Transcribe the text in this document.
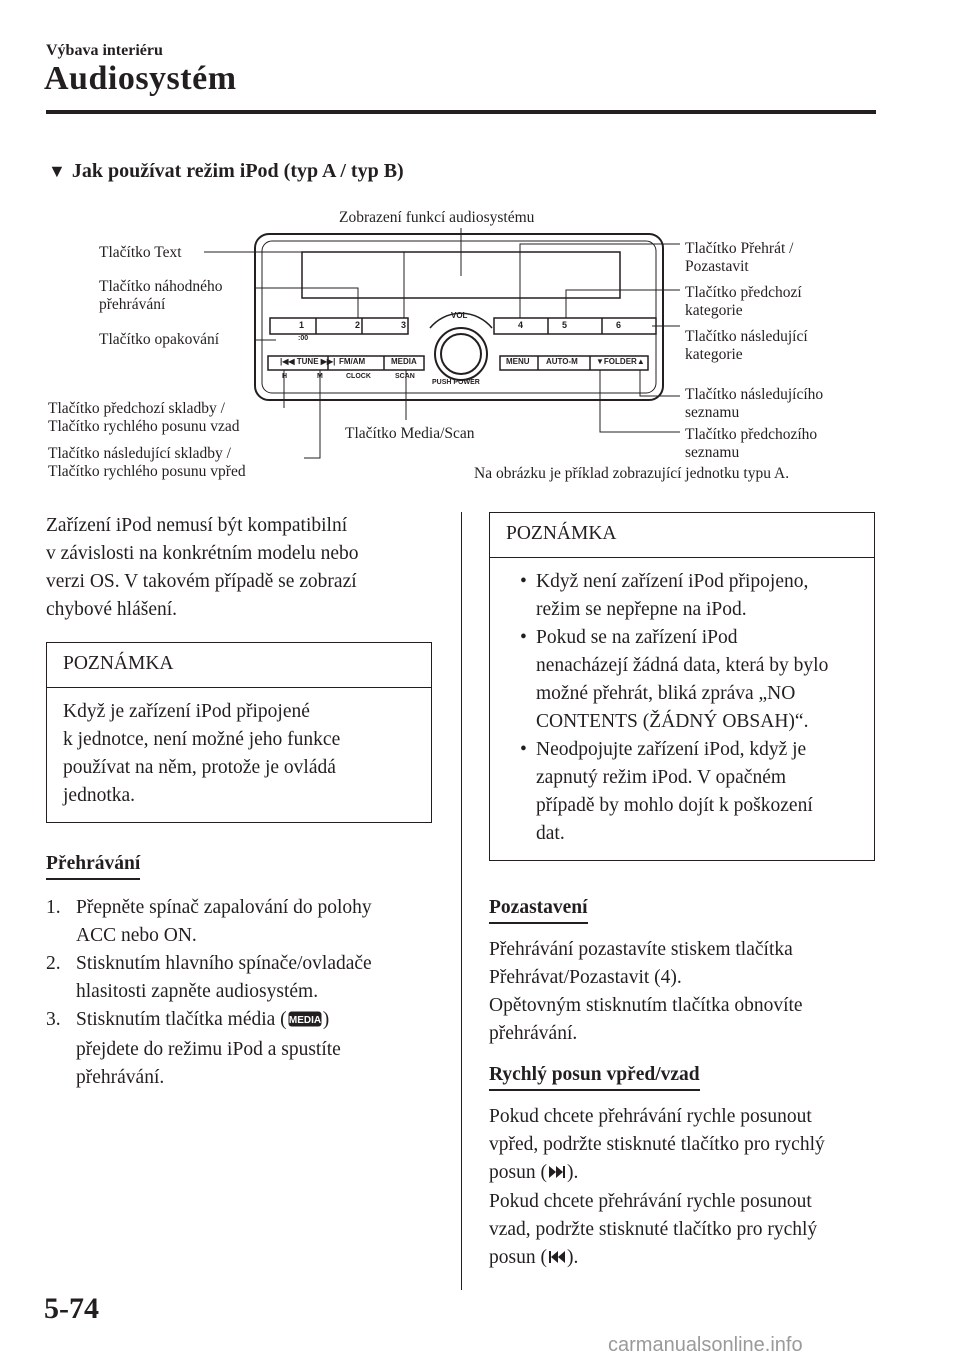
Výbava interiéru
Audiosystém
▼ Jak používat režim iPod (typ A / typ B)
1	2	3	4	5	6
VOL
:00
|◀◀ TUNE ▶▶| FM/AM	MEDIA	MENU AUTO-M ▼FOLDER▲
H	M	CLOCK	SCAN
PUSH POWER
Tlačítko Text
Tlačítko náhodného
přehrávání
Tlačítko opakování
Tlačítko předchozí skladby /
Tlačítko rychlého posunu vzad
Tlačítko následující skladby /
Tlačítko rychlého posunu vpřed
Zobrazení funkcí audiosystému
Tlačítko Přehrát /
Pozastavit
Tlačítko předchozí
kategorie
Tlačítko následující
kategorie
Tlačítko následujícího
seznamu
Tlačítko předchozího
seznamu
Tlačítko Media/Scan
Na obrázku je příklad zobrazující jednotku typu A.
Zařízení iPod nemusí být kompatibilní
v závislosti na konkrétním modelu nebo
verzi OS. V takovém případě se zobrazí
chybové hlášení.
POZNÁMKA
Když je zařízení iPod připojené
k jednotce, není možné jeho funkce
používat na něm, protože je ovládá
jednotka.
Přehrávání
1. Přepněte spínač zapalování do polohy
ACC nebo ON.
2. Stisknutím hlavního spínače/ovladače
hlasitosti zapněte audiosystém.
3. Stisknutím tlačítka média ( MEDIA )
přejdete do režimu iPod a spustíte
přehrávání.
POZNÁMKA
• Když není zařízení iPod připojeno,
režim se nepřepne na iPod.
• Pokud se na zařízení iPod
nenacházejí žádná data, která by bylo
možné přehrát, bliká zpráva „NO
CONTENTS (ŽÁDNÝ OBSAH)“.
• Neodpojujte zařízení iPod, když je
zapnutý režim iPod. V opačném
případě by mohlo dojít k poškození
dat.
Pozastavení
Přehrávání pozastavíte stiskem tlačítka
Přehrávat/Pozastavit (4).
Opětovným stisknutím tlačítka obnovíte
přehrávání.
Rychlý posun vpřed/vzad
Pokud chcete přehrávání rychle posunout
vpřed, podržte stisknuté tlačítko pro rychlý
posun ( ).
Pokud chcete přehrávání rychle posunout
vzad, podržte stisknuté tlačítko pro rychlý
posun ( ).
5-74
carmanualsonline.info
